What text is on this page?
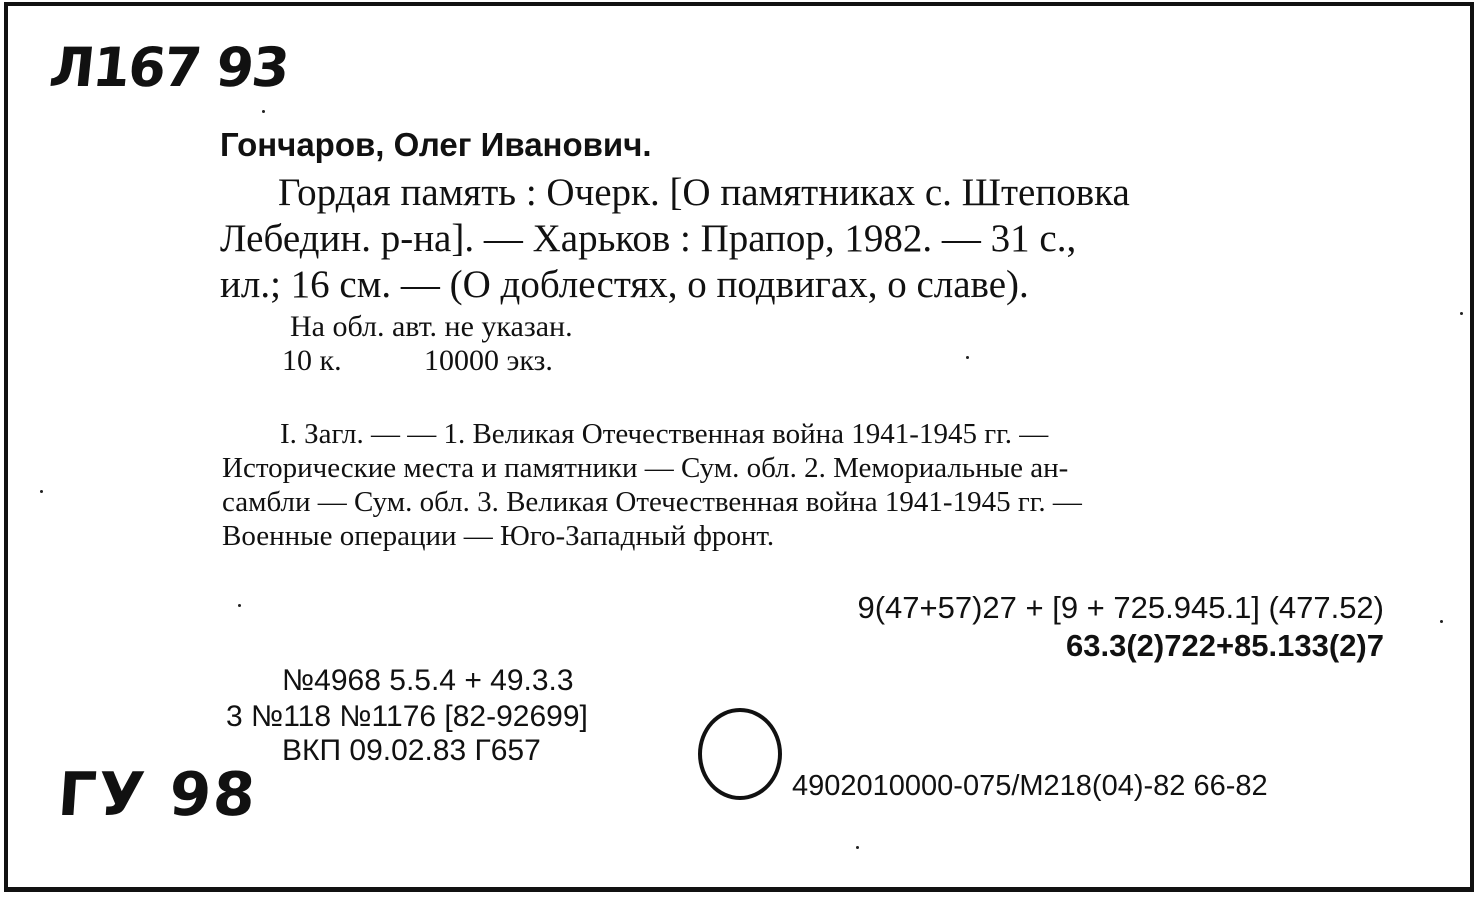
Л167 93
Гончаров, Олег Иванович.
Гордая память : Очерк. [О памятниках с. Штеповка
Лебедин. р-на]. — Харьков : Прапор, 1982. — 31 с.,
ил.; 16 см. — (О доблестях, о подвигах, о славе).
На обл. авт. не указан.
10 к.	10000 экз.
I. Загл. — — 1. Великая Отечественная война 1941-1945 гг. —
Исторические места и памятники — Сум. обл. 2. Мемориальные ан-
самбли — Сум. обл. 3. Великая Отечественная война 1941-1945 гг. —
Военные операции — Юго-Западный фронт.
9(47+57)27 + [9 + 725.945.1] (477.52)
63.3(2)722+85.133(2)7
№4968 5.5.4 + 49.3.3
3 №118 №1176 [82-92699]
ВКП 09.02.83 Г657
4902010000-075/М218(04)-82 66-82
ГУ 98
